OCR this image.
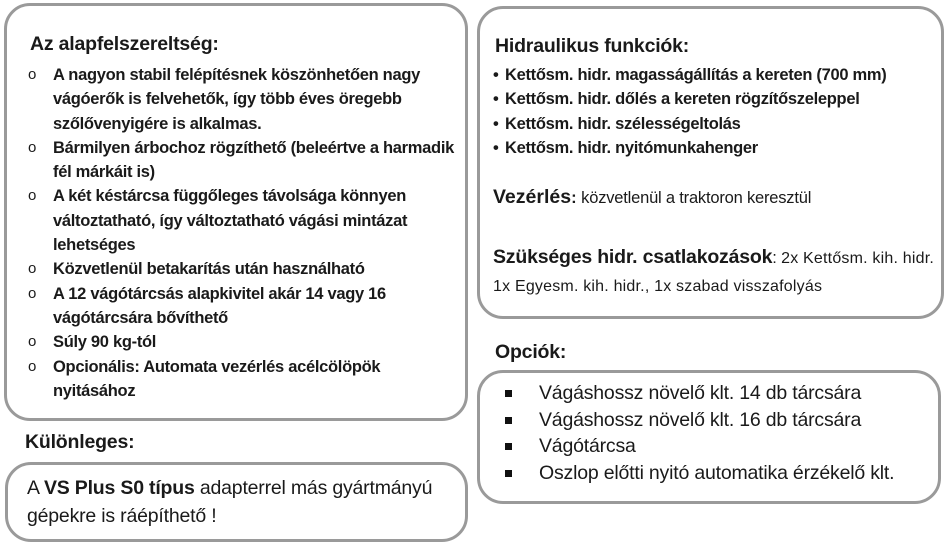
Az alapfelszereltség:
o A nagyon stabil felépítésnek köszönhetően nagy vágóerők is felvehetők, így több éves öregebb szőlővenyigére is alkalmas.
o Bármilyen árbochoz rögzíthető (beleértve a harmadik fél márkáit is)
o A két késtárcsa függőleges távolsága könnyen változtatható, így változtatható vágási mintázat lehetséges
o Közvetlenül betakarítás után használható
o A 12 vágótárcsás alapkivitel akár 14 vagy 16 vágótárcsára bővíthető
o Súly 90 kg-tól
o Opcionális: Automata vezérlés acélcölöpök nyitásához
Hidraulikus funkciók:
• Kettősm. hidr. magasságállítás a kereten (700 mm)
• Kettősm. hidr. dőlés a kereten rögzítőszeleppel
• Kettősm. hidr. szélességeltolás
• Kettősm. hidr. nyitómunkahenger
Vezérlés: közvetlenül a traktoron keresztül
Szükséges hidr. csatlakozások: 2x Kettősm. kih. hidr. 1x Egyesm. kih. hidr., 1x szabad visszafolyás
Különleges:
A VS Plus S0 típus adapterrel más gyártmányú gépekre is ráépíthető !
Opciók:
Vágáshossz növelő klt. 14 db tárcsára
Vágáshossz növelő klt. 16 db tárcsára
Vágótárcsa
Oszlop előtti nyitó automatika érzékelő klt.
